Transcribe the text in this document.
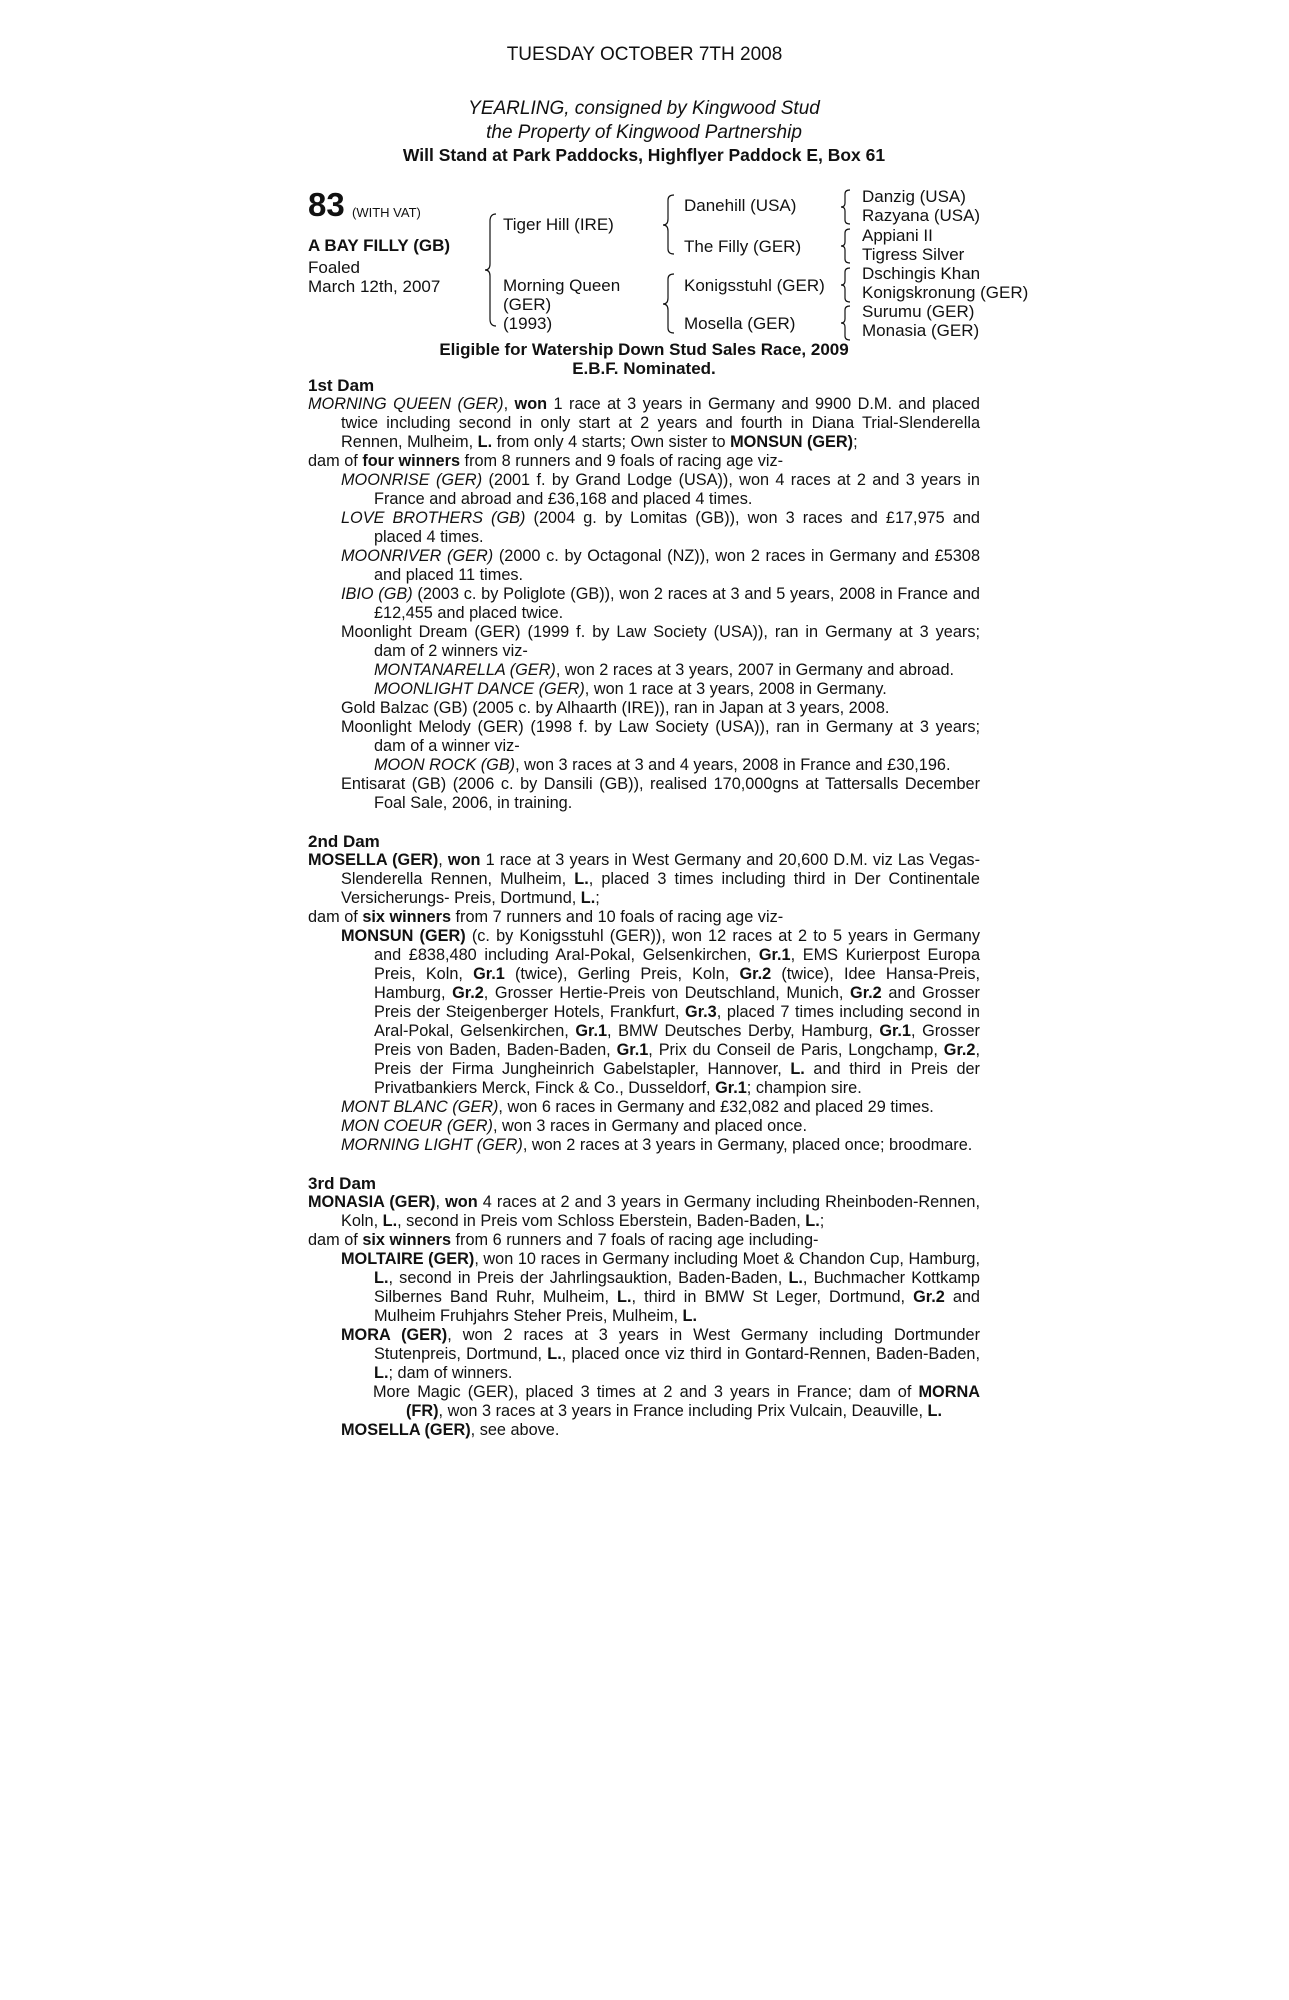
TUESDAY OCTOBER 7TH 2008
YEARLING, consigned by Kingwood Stud
the Property of Kingwood Partnership
Will Stand at Park Paddocks, Highflyer Paddock E, Box 61
83 (WITH VAT)
A BAY FILLY (GB)
Foaled
March 12th, 2007
Tiger Hill (IRE)
Morning Queen
(GER)
(1993)
Danehill (USA)
The Filly (GER)
Konigsstuhl (GER)
Mosella (GER)
Danzig (USA)
Razyana (USA)
Appiani II
Tigress Silver
Dschingis Khan
Konigskronung (GER)
Surumu (GER)
Monasia (GER)
Eligible for Watership Down Stud Sales Race, 2009
E.B.F. Nominated.
1st Dam
MORNING QUEEN (GER), won 1 race at 3 years in Germany and 9900 D.M. and placed twice including second in only start at 2 years and fourth in Diana Trial-Slenderella Rennen, Mulheim, L. from only 4 starts; Own sister to MONSUN (GER);
dam of four winners from 8 runners and 9 foals of racing age viz-
MOONRISE (GER) (2001 f. by Grand Lodge (USA)), won 4 races at 2 and 3 years in France and abroad and £36,168 and placed 4 times.
LOVE BROTHERS (GB) (2004 g. by Lomitas (GB)), won 3 races and £17,975 and placed 4 times.
MOONRIVER (GER) (2000 c. by Octagonal (NZ)), won 2 races in Germany and £5308 and placed 11 times.
IBIO (GB) (2003 c. by Poliglote (GB)), won 2 races at 3 and 5 years, 2008 in France and £12,455 and placed twice.
Moonlight Dream (GER) (1999 f. by Law Society (USA)), ran in Germany at 3 years; dam of 2 winners viz-
MONTANARELLA (GER), won 2 races at 3 years, 2007 in Germany and abroad.
MOONLIGHT DANCE (GER), won 1 race at 3 years, 2008 in Germany.
Gold Balzac (GB) (2005 c. by Alhaarth (IRE)), ran in Japan at 3 years, 2008.
Moonlight Melody (GER) (1998 f. by Law Society (USA)), ran in Germany at 3 years; dam of a winner viz-
MOON ROCK (GB), won 3 races at 3 and 4 years, 2008 in France and £30,196.
Entisarat (GB) (2006 c. by Dansili (GB)), realised 170,000gns at Tattersalls December Foal Sale, 2006, in training.
2nd Dam
MOSELLA (GER), won 1 race at 3 years in West Germany and 20,600 D.M. viz Las Vegas-Slenderella Rennen, Mulheim, L., placed 3 times including third in Der Continentale Versicherungs- Preis, Dortmund, L.;
dam of six winners from 7 runners and 10 foals of racing age viz-
MONSUN (GER) (c. by Konigsstuhl (GER)), won 12 races at 2 to 5 years in Germany and £838,480 including Aral-Pokal, Gelsenkirchen, Gr.1, EMS Kurierpost Europa Preis, Koln, Gr.1 (twice), Gerling Preis, Koln, Gr.2 (twice), Idee Hansa-Preis, Hamburg, Gr.2, Grosser Hertie-Preis von Deutschland, Munich, Gr.2 and Grosser Preis der Steigenberger Hotels, Frankfurt, Gr.3, placed 7 times including second in Aral-Pokal, Gelsenkirchen, Gr.1, BMW Deutsches Derby, Hamburg, Gr.1, Grosser Preis von Baden, Baden-Baden, Gr.1, Prix du Conseil de Paris, Longchamp, Gr.2, Preis der Firma Jungheinrich Gabelstapler, Hannover, L. and third in Preis der Privatbankiers Merck, Finck & Co., Dusseldorf, Gr.1; champion sire.
MONT BLANC (GER), won 6 races in Germany and £32,082 and placed 29 times.
MON COEUR (GER), won 3 races in Germany and placed once.
MORNING LIGHT (GER), won 2 races at 3 years in Germany, placed once; broodmare.
3rd Dam
MONASIA (GER), won 4 races at 2 and 3 years in Germany including Rheinboden-Rennen, Koln, L., second in Preis vom Schloss Eberstein, Baden-Baden, L.;
dam of six winners from 6 runners and 7 foals of racing age including-
MOLTAIRE (GER), won 10 races in Germany including Moet & Chandon Cup, Hamburg, L., second in Preis der Jahrlingsauktion, Baden-Baden, L., Buchmacher Kottkamp Silbernes Band Ruhr, Mulheim, L., third in BMW St Leger, Dortmund, Gr.2 and Mulheim Fruhjahrs Steher Preis, Mulheim, L.
MORA (GER), won 2 races at 3 years in West Germany including Dortmunder Stutenpreis, Dortmund, L., placed once viz third in Gontard-Rennen, Baden-Baden, L.; dam of winners.
More Magic (GER), placed 3 times at 2 and 3 years in France; dam of MORNA (FR), won 3 races at 3 years in France including Prix Vulcain, Deauville, L.
MOSELLA (GER), see above.
